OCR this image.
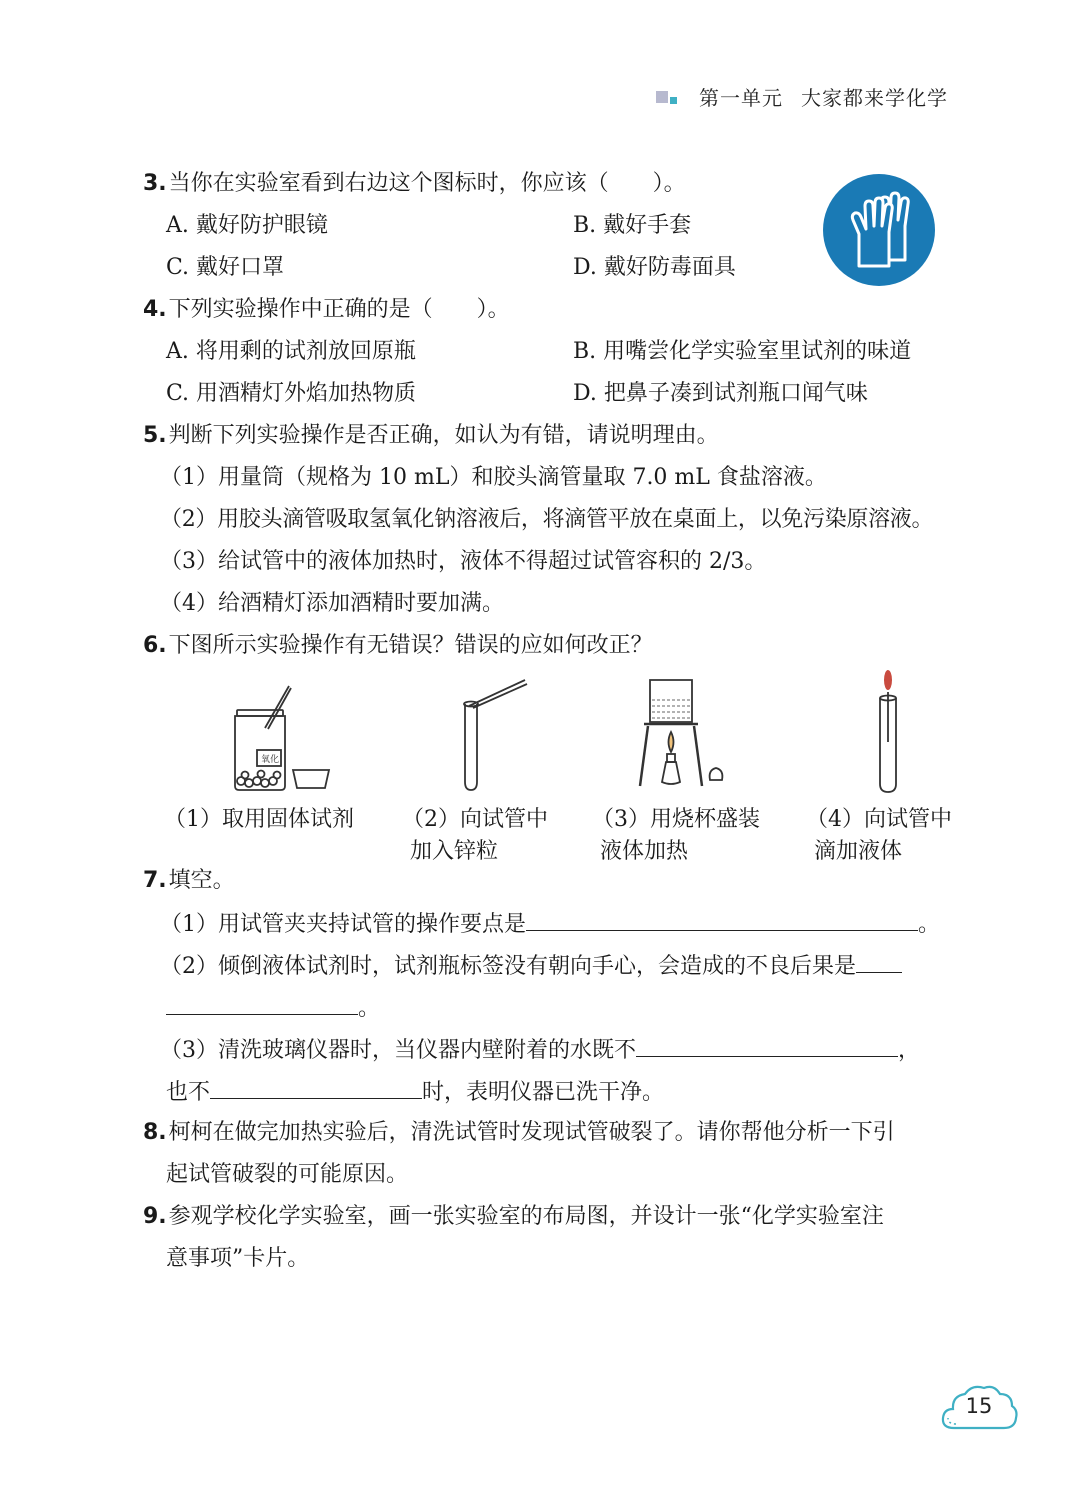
第一单元 大家都来学化学
3.当你在实验室看到右边这个图标时，你应该（　　）。
A. 戴好防护眼镜	B. 戴好手套
C. 戴好口罩	D. 戴好防毒面具
4.下列实验操作中正确的是（　　）。
A. 将用剩的试剂放回原瓶	B. 用嘴尝化学实验室里试剂的味道
C. 用酒精灯外焰加热物质	D. 把鼻子凑到试剂瓶口闻气味
5.判断下列实验操作是否正确，如认为有错，请说明理由。
（1）用量筒（规格为 10 mL）和胶头滴管量取 7.0 mL 食盐溶液。
（2）用胶头滴管吸取氢氧化钠溶液后，将滴管平放在桌面上，以免污染原溶液。
（3）给试管中的液体加热时，液体不得超过试管容积的 2/3。
（4）给酒精灯添加酒精时要加满。
6.下图所示实验操作有无错误？错误的应如何改正？
氧化
（1）取用固体试剂 （2）向试管中
加入锌粒
（3）用烧杯盛装
液体加热
（4）向试管中
滴加液体
7.填空。
（1）用试管夹夹持试管的操作要点是	。
（2）倾倒液体试剂时，试剂瓶标签没有朝向手心，会造成的不良后果是
。
（3）清洗玻璃仪器时，当仪器内壁附着的水既不	，
也不	时，表明仪器已洗干净。
8.柯柯在做完加热实验后，清洗试管时发现试管破裂了。请你帮他分析一下引
起试管破裂的可能原因。
9.参观学校化学实验室，画一张实验室的布局图，并设计一张“化学实验室注
意事项”卡片。
15
